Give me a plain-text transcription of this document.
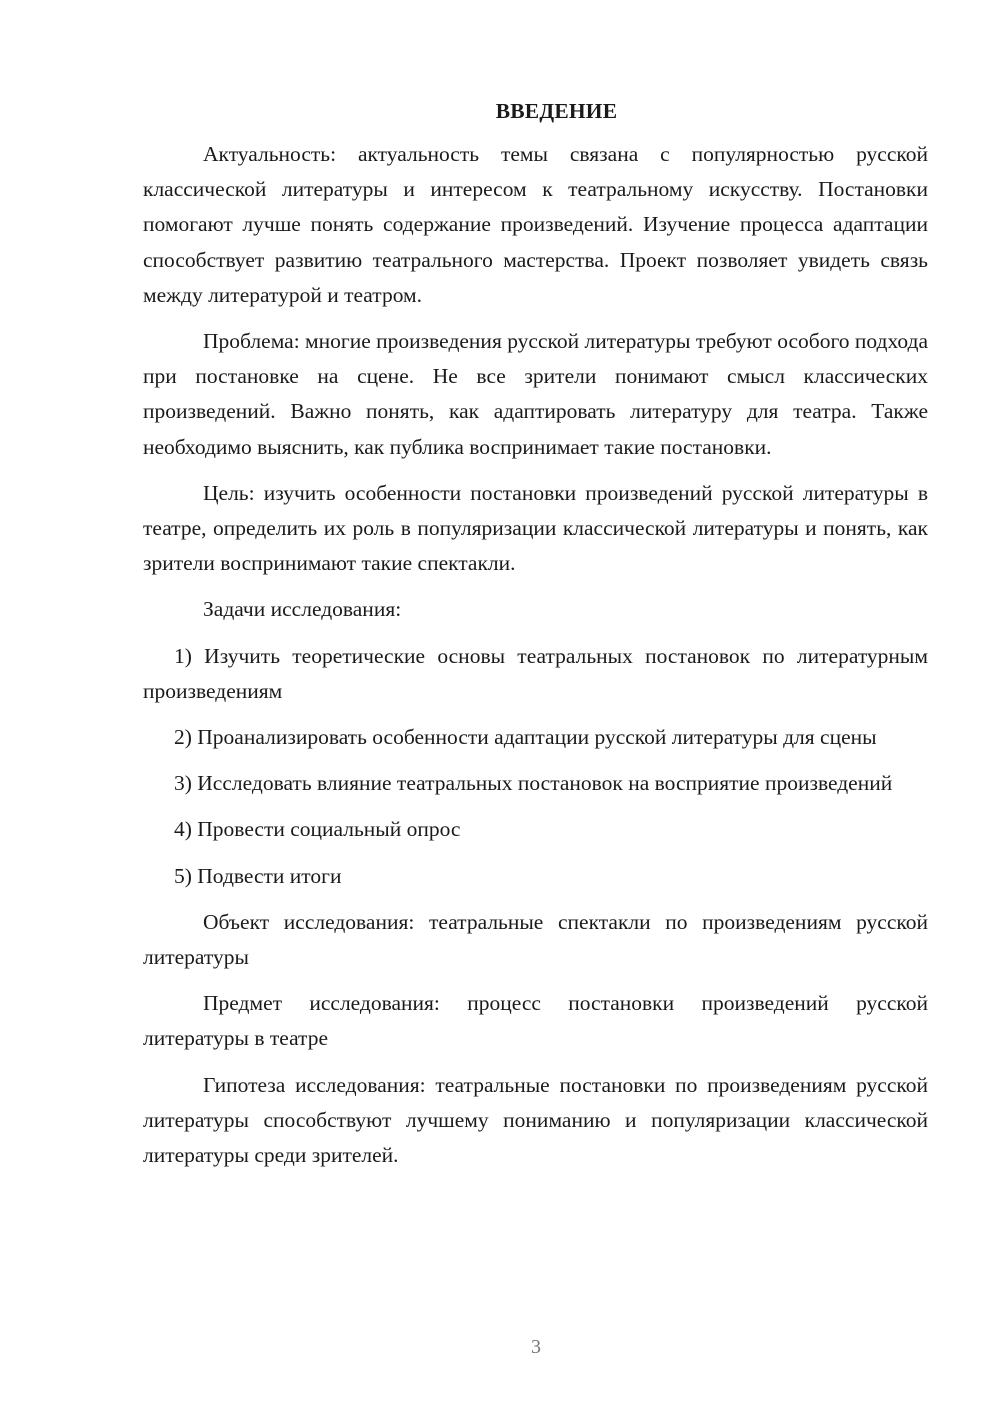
ВВЕДЕНИЕ

Актуальность: актуальность темы связана с популярностью русской классической литературы и интересом к театральному искусству. Постановки помогают лучше понять содержание произведений. Изучение процесса адаптации способствует развитию театрального мастерства. Проект позволяет увидеть связь между литературой и театром.

Проблема: многие произведения русской литературы требуют особого подхода при постановке на сцене. Не все зрители понимают смысл классических произведений. Важно понять, как адаптировать литературу для театра. Также необходимо выяснить, как публика воспринимает такие постановки.

Цель: изучить особенности постановки произведений русской литературы в театре, определить их роль в популяризации классической литературы и понять, как зрители воспринимают такие спектакли.

Задачи исследования:

1) Изучить теоретические основы театральных постановок по литературным произведениям

2) Проанализировать особенности адаптации русской литературы для сцены

3) Исследовать влияние театральных постановок на восприятие произведений

4) Провести социальный опрос

5) Подвести итоги

Объект исследования: театральные спектакли по произведениям русской литературы

Предмет исследования: процесс постановки произведений русской литературы в театре

Гипотеза исследования: театральные постановки по произведениям русской литературы способствуют лучшему пониманию и популяризации классической литературы среди зрителей.

3
